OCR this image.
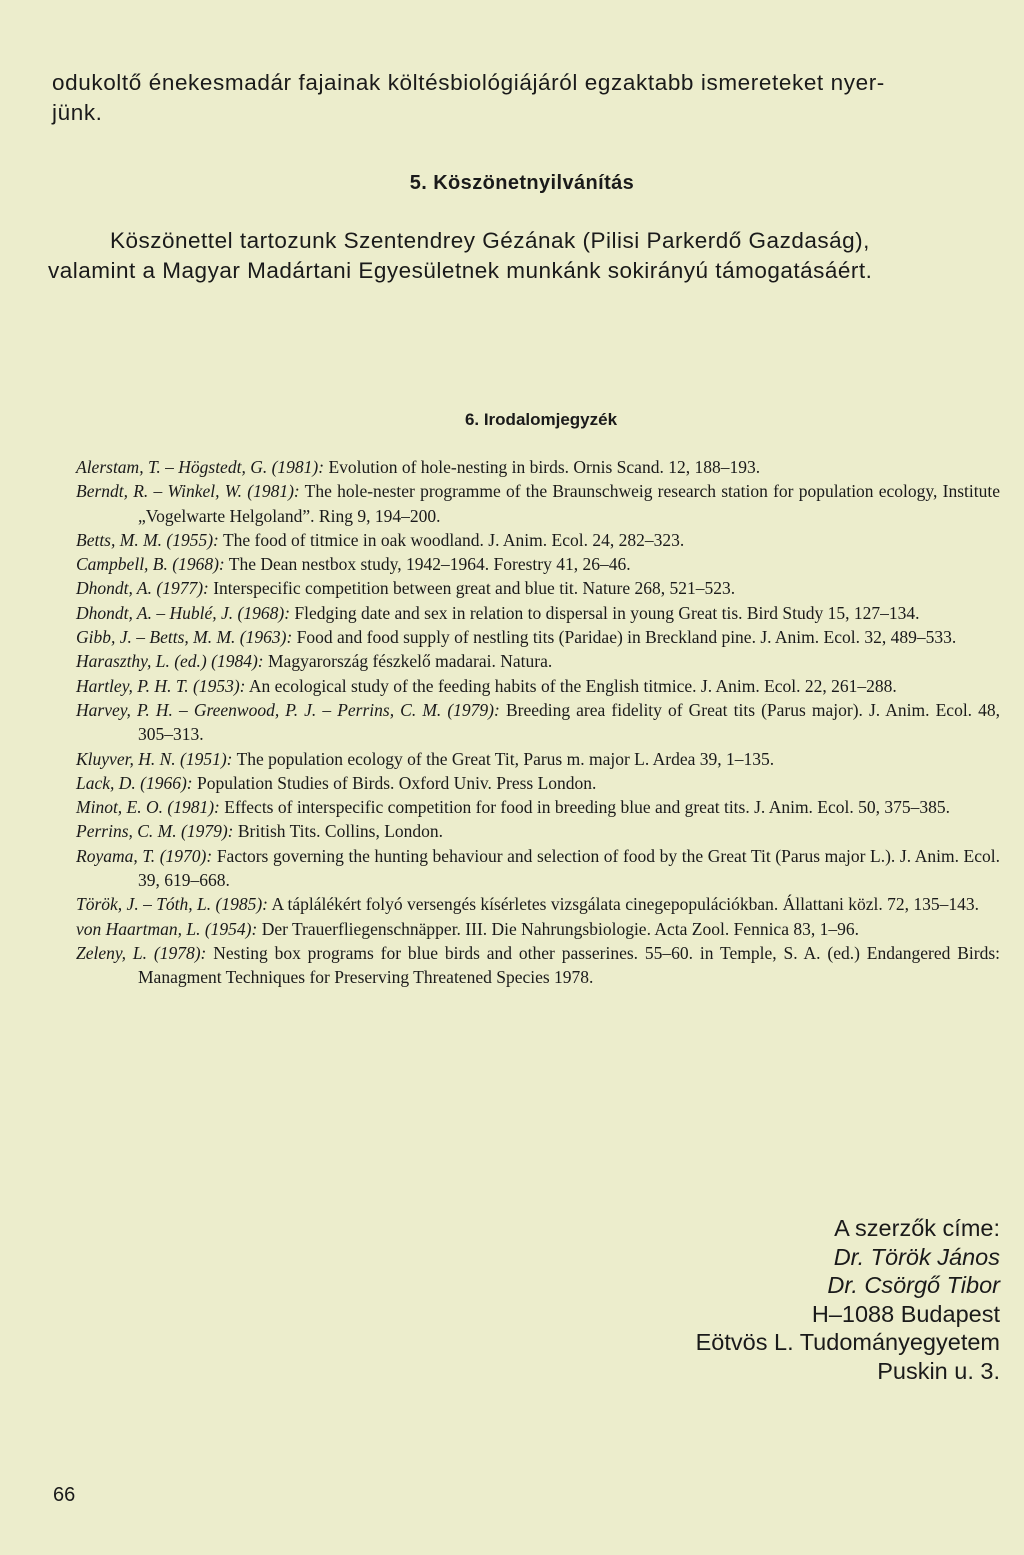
odukoltő énekesmadár fajainak költésbiológiájáról egzaktabb ismereteket nyer-
jünk.
5. Köszönetnyilvánítás
Köszönettel tartozunk Szentendrey Gézának (Pilisi Parkerdő Gazdaság),
valamint a Magyar Madártani Egyesületnek munkánk sokirányú támogatásáért.
6. Irodalomjegyzék
Alerstam, T. – Högstedt, G. (1981): Evolution of hole-nesting in birds. Ornis Scand. 12, 188–193.
Berndt, R. – Winkel, W. (1981): The hole-nester programme of the Braunschweig research station for population ecology, Institute „Vogelwarte Helgoland”. Ring 9, 194–200.
Betts, M. M. (1955): The food of titmice in oak woodland. J. Anim. Ecol. 24, 282–323.
Campbell, B. (1968): The Dean nestbox study, 1942–1964. Forestry 41, 26–46.
Dhondt, A. (1977): Interspecific competition between great and blue tit. Nature 268, 521–523.
Dhondt, A. – Hublé, J. (1968): Fledging date and sex in relation to dispersal in young Great tis. Bird Study 15, 127–134.
Gibb, J. – Betts, M. M. (1963): Food and food supply of nestling tits (Paridae) in Breckland pine. J. Anim. Ecol. 32, 489–533.
Haraszthy, L. (ed.) (1984): Magyarország fészkelő madarai. Natura.
Hartley, P. H. T. (1953): An ecological study of the feeding habits of the English titmice. J. Anim. Ecol. 22, 261–288.
Harvey, P. H. – Greenwood, P. J. – Perrins, C. M. (1979): Breeding area fidelity of Great tits (Parus major). J. Anim. Ecol. 48, 305–313.
Kluyver, H. N. (1951): The population ecology of the Great Tit, Parus m. major L. Ardea 39, 1–135.
Lack, D. (1966): Population Studies of Birds. Oxford Univ. Press London.
Minot, E. O. (1981): Effects of interspecific competition for food in breeding blue and great tits. J. Anim. Ecol. 50, 375–385.
Perrins, C. M. (1979): British Tits. Collins, London.
Royama, T. (1970): Factors governing the hunting behaviour and selection of food by the Great Tit (Parus major L.). J. Anim. Ecol. 39, 619–668.
Török, J. – Tóth, L. (1985): A táplálékért folyó versengés kísérletes vizsgálata cinegepopulációkban. Állattani közl. 72, 135–143.
von Haartman, L. (1954): Der Trauerfliegenschnäpper. III. Die Nahrungsbiologie. Acta Zool. Fennica 83, 1–96.
Zeleny, L. (1978): Nesting box programs for blue birds and other passerines. 55–60. in Temple, S. A. (ed.) Endangered Birds: Managment Techniques for Preserving Threatened Species 1978.
A szerzők címe:
Dr. Török János
Dr. Csörgő Tibor
H–1088 Budapest
Eötvös L. Tudományegyetem
Puskin u. 3.
66
